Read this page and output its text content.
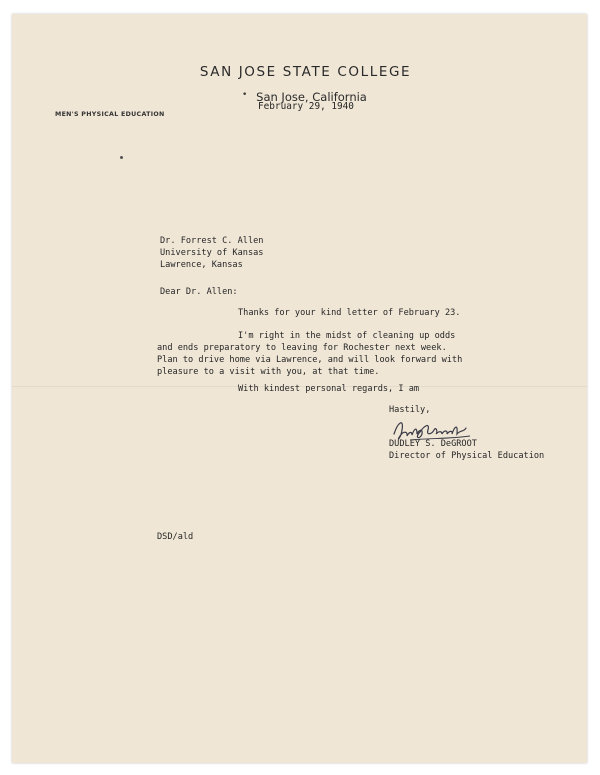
SAN JOSE STATE COLLEGE
• San Jose, California
MEN'S PHYSICAL EDUCATION
February 29, 1940
Dr. Forrest C. Allen
University of Kansas
Lawrence, Kansas
Dear Dr. Allen:
Thanks for your kind letter of February 23.
I'm right in the midst of cleaning up odds
and ends preparatory to leaving for Rochester next week.
Plan to drive home via Lawrence, and will look forward with
pleasure to a visit with you, at that time.
With kindest personal regards, I am
Hastily,
DUDLEY S. DeGROOT
Director of Physical Education
DSD/ald
